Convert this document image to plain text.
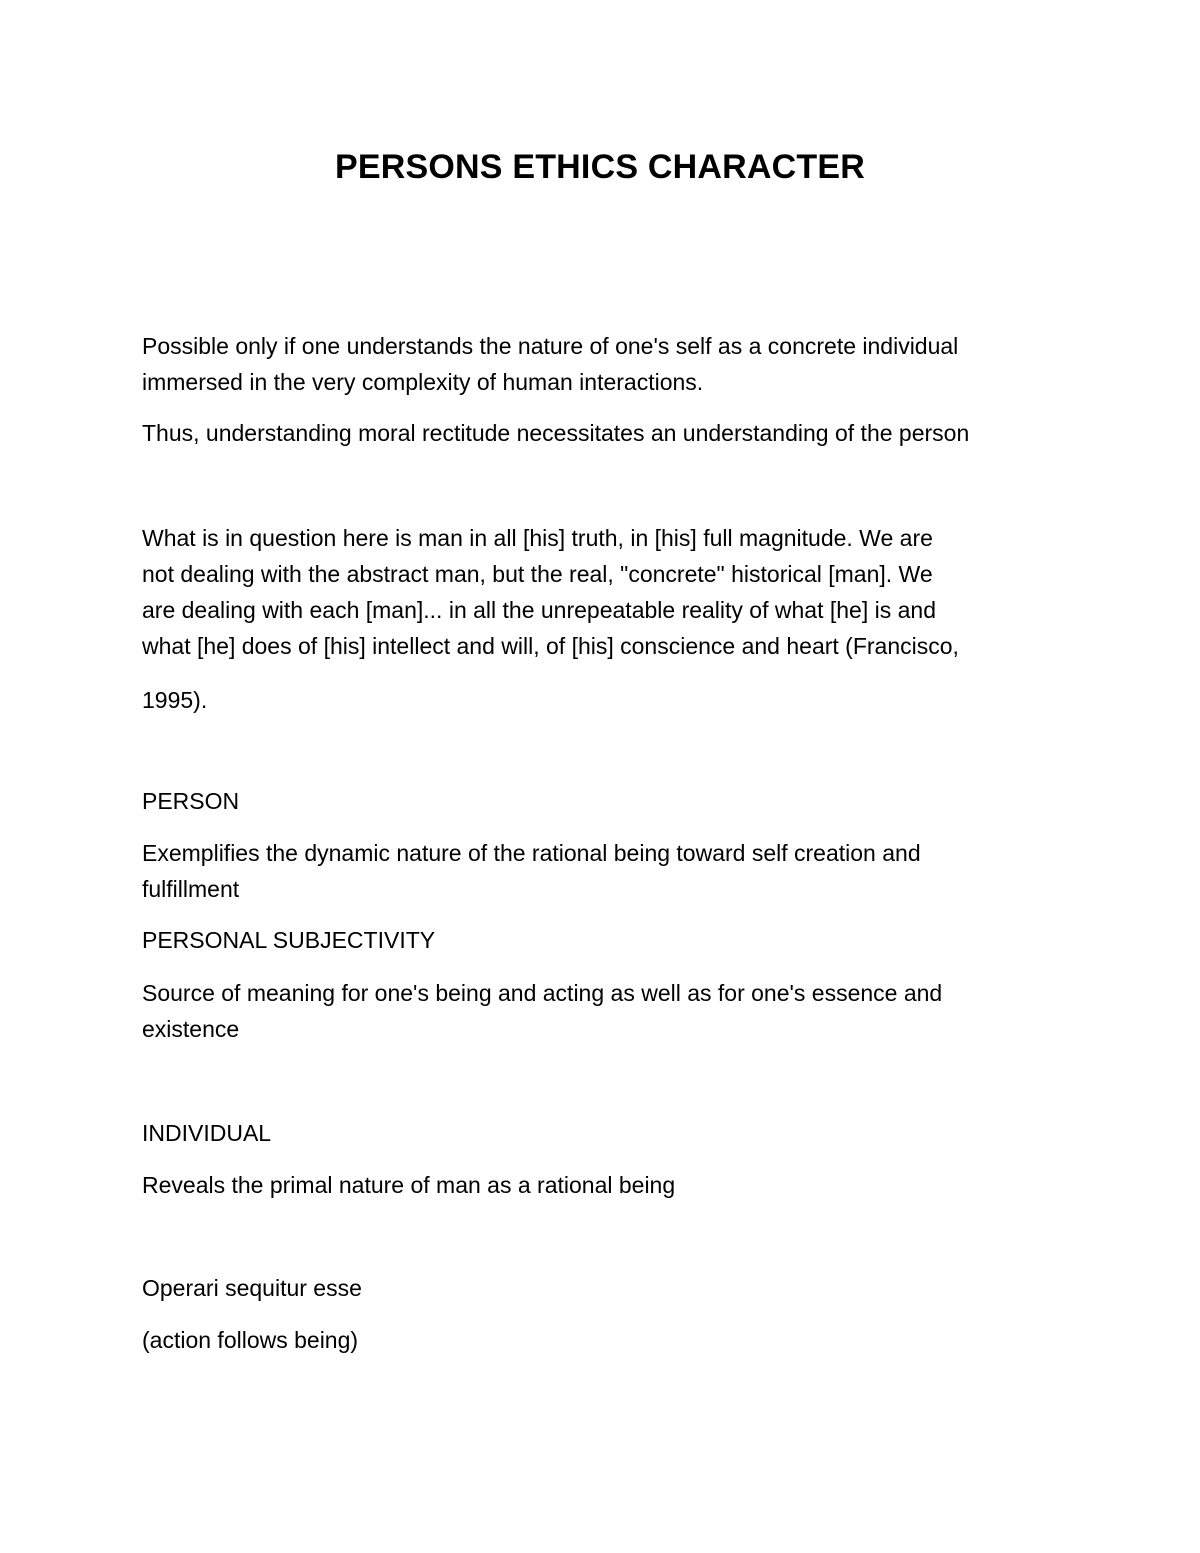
PERSONS ETHICS CHARACTER
Possible only if one understands the nature of one's self as a concrete individual
immersed in the very complexity of human interactions.
Thus, understanding moral rectitude necessitates an understanding of the person
What is in question here is man in all [his] truth, in [his] full magnitude. We are
not dealing with the abstract man, but the real, "concrete" historical [man]. We
are dealing with each [man]... in all the unrepeatable reality of what [he] is and
what [he] does of [his] intellect and will, of [his] conscience and heart (Francisco,
1995).
PERSON
Exemplifies the dynamic nature of the rational being toward self creation and
fulfillment
PERSONAL SUBJECTIVITY
Source of meaning for one's being and acting as well as for one's essence and
existence
INDIVIDUAL
Reveals the primal nature of man as a rational being
Operari sequitur esse
(action follows being)
